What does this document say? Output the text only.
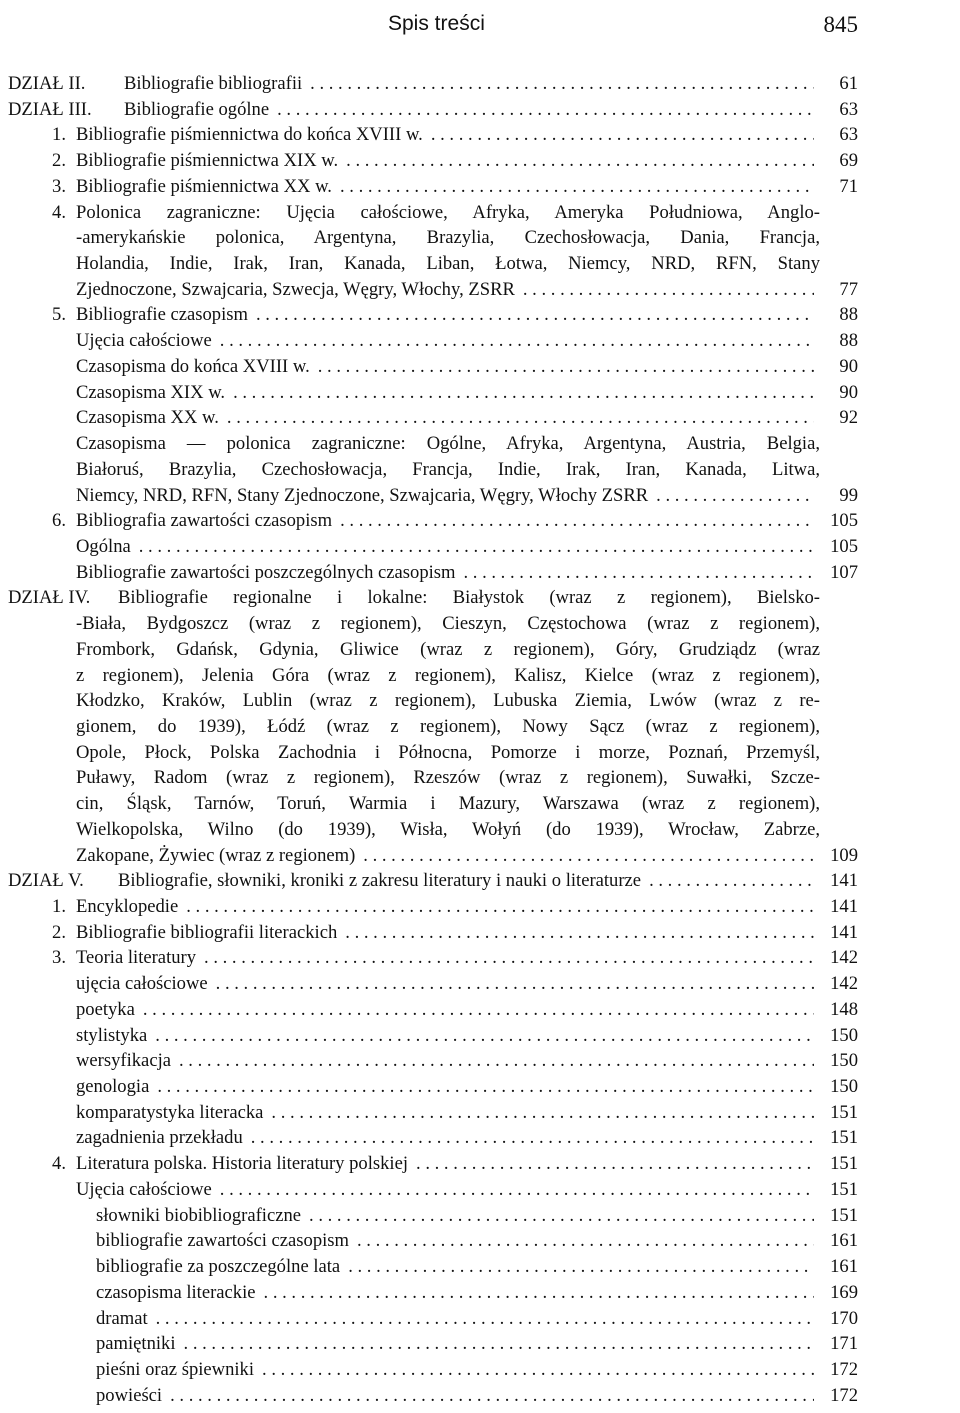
Spis treści	845
DZIAŁ II.	Bibliografie bibliografii . . .	61
DZIAŁ III.	Bibliografie ogólne . . .	63
1. Bibliografie piśmiennictwa do końca XVIII w. . . .	63
2. Bibliografie piśmiennictwa XIX w. . . .	69
3. Bibliografie piśmiennictwa XX w. . . .	71
4. Polonica zagraniczne: Ujęcia całościowe, Afryka, Ameryka Południowa, Anglo-
-amerykańskie polonica, Argentyna, Brazylia, Czechosłowacja, Dania, Francja,
Holandia, Indie, Irak, Iran, Kanada, Liban, Łotwa, Niemcy, NRD, RFN, Stany
Zjednoczone, Szwajcaria, Szwecja, Węgry, Włochy, ZSRR . . .	77
5. Bibliografie czasopism . . .	88
Ujęcia całościowe . . .	88
Czasopisma do końca XVIII w. . . .	90
Czasopisma XIX w. . . .	90
Czasopisma XX w. . . .	92
Czasopisma — polonica zagraniczne: Ogólne, Afryka, Argentyna, Austria, Belgia,
Białoruś, Brazylia, Czechosłowacja, Francja, Indie, Irak, Iran, Kanada, Litwa,
Niemcy, NRD, RFN, Stany Zjednoczone, Szwajcaria, Węgry, Włochy ZSRR . . .	99
6. Bibliografia zawartości czasopism . . .	105
Ogólna . . .	105
Bibliografie zawartości poszczególnych czasopism . . .	107
DZIAŁ IV.	Bibliografie regionalne i lokalne: Białystok (wraz z regionem), Bielsko-
-Biała, Bydgoszcz (wraz z regionem), Cieszyn, Częstochowa (wraz z regionem),
Frombork, Gdańsk, Gdynia, Gliwice (wraz z regionem), Góry, Grudziądz (wraz
z regionem), Jelenia Góra (wraz z regionem), Kalisz, Kielce (wraz z regionem),
Kłodzko, Kraków, Lublin (wraz z regionem), Lubuska Ziemia, Lwów (wraz z re-
gionem, do 1939), Łódź (wraz z regionem), Nowy Sącz (wraz z regionem),
Opole, Płock, Polska Zachodnia i Północna, Pomorze i morze, Poznań, Przemyśl,
Puławy, Radom (wraz z regionem), Rzeszów (wraz z regionem), Suwałki, Szcze-
cin, Śląsk, Tarnów, Toruń, Warmia i Mazury, Warszawa (wraz z regionem),
Wielkopolska, Wilno (do 1939), Wisła, Wołyń (do 1939), Wrocław, Zabrze,
Zakopane, Żywiec (wraz z regionem) . . .	109
DZIAŁ V.	Bibliografie, słowniki, kroniki z zakresu literatury i nauki o literaturze . . .	141
1. Encyklopedie . . .	141
2. Bibliografie bibliografii literackich . . .	141
3. Teoria literatury . . .	142
ujęcia całościowe . . .	142
poetyka . . .	148
stylistyka . . .	150
wersyfikacja . . .	150
genologia . . .	150
komparatystyka literacka . . .	151
zagadnienia przekładu . . .	151
4. Literatura polska. Historia literatury polskiej . . .	151
Ujęcia całościowe . . .	151
słowniki biobibliograficzne . . .	151
bibliografie zawartości czasopism . . .	161
bibliografie za poszczególne lata . . .	161
czasopisma literackie . . .	169
dramat . . .	170
pamiętniki . . .	171
pieśni oraz śpiewniki . . .	172
powieści . . .	172
